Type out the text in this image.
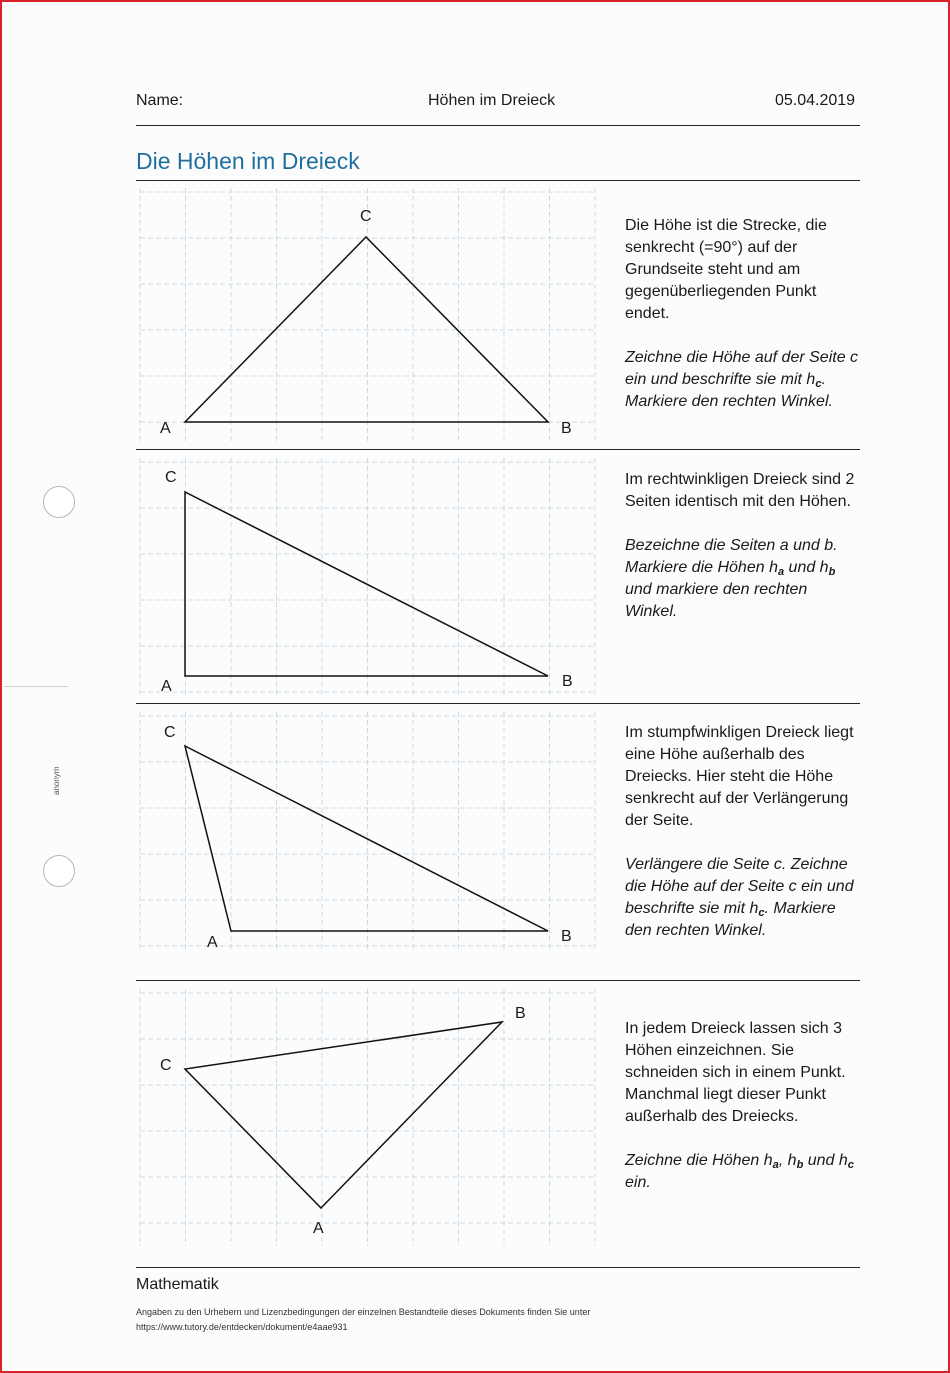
anonym
Name:	Höhen im Dreieck	05.04.2019
Die Höhen im Dreieck
A	B
C

Die Höhe ist die Strecke, die senkrecht (=90°) auf der Grundseite steht und am gegenüberliegenden Punkt endet.

Zeichne die Höhe auf der Seite c ein und beschrifte sie mit $h_c$. Markiere den rechten Winkel.

A	B
C	Im rechtwinkligen Dreieck sind 2 Seiten identisch mit den Höhen.

Bezeichne die Seiten a und b. Markiere die Höhen $h_a$ und $h_b$ und markiere den rechten Winkel.

A	B
C	Im stumpfwinkligen Dreieck liegt eine Höhe außerhalb des Dreiecks. Hier steht die Höhe senkrecht auf der Verlängerung der Seite.

Verlängere die Seite c. Zeichne die Höhe auf der Seite c ein und beschrifte sie mit $h_c$. Markiere den rechten Winkel.

A
B
C

In jedem Dreieck lassen sich 3 Höhen einzeichnen. Sie schneiden sich in einem Punkt. Manchmal liegt dieser Punkt außerhalb des Dreiecks.

Zeichne die Höhen $h_a$, $h_b$ und $h_c$ ein.

Mathematik
Angaben zu den Urhebern und Lizenzbedingungen der einzelnen Bestandteile dieses Dokuments finden Sie unter
https://www.tutory.de/entdecken/dokument/e4aae931
